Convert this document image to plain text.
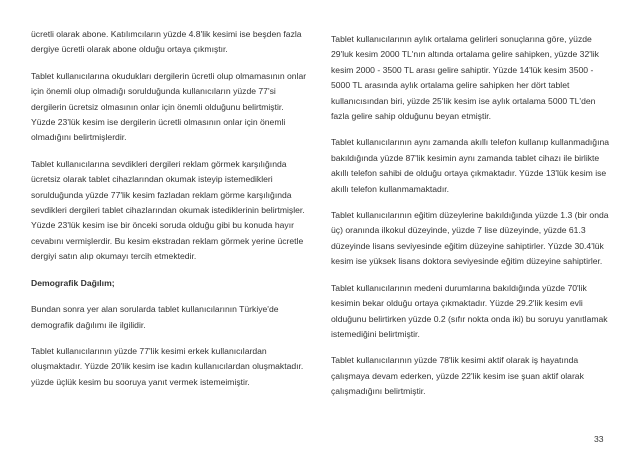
ücretli olarak abone. Katılımcıların yüzde 4.8'lik kesimi ise beşden fazla dergiye ücretli olarak abone olduğu ortaya çıkmıştır.

Tablet kullanıcılarına okudukları dergilerin ücretli olup olmamasının onlar için önemli olup olmadığı sorulduğunda kullanıcıların yüzde 77'si dergilerin ücretsiz olmasının onlar için önemli olduğunu belirtmiştir. Yüzde 23'lük kesim ise dergilerin ücretli olmasının onlar için önemli olmadığını belirtmişlerdir.

Tablet kullanıcılarına sevdikleri dergileri reklam görmek karşılığında ücretsiz olarak tablet cihazlarından okumak isteyip istemedikleri sorulduğunda yüzde 77'lik kesim fazladan reklam görme karşılığında sevdikleri dergileri tablet cihazlarından okumak istediklerinin belirtmişler. Yüzde 23'lük kesim ise bir önceki soruda olduğu gibi bu konuda hayır cevabını vermişlerdir. Bu kesim ekstradan reklam görmek yerine ücretle dergiyi satın alıp okumayı tercih etmektedir.

Demografik Dağılım;

Bundan sonra yer alan sorularda tablet kullanıcılarının Türkiye'de demografik dağılımı ile ilgilidir.

Tablet kullanıcılarının yüzde 77'lik kesimi erkek kullanıcılardan oluşmaktadır. Yüzde 20'lik kesim ise kadın kullanıcılardan oluşmaktadır. yüzde üçlük kesim bu sooruya yanıt vermek istemeimiştir.

Tablet kullanıcılarının aylık ortalama gelirleri sonuçlarına göre, yüzde 29'luk kesim 2000 TL'nın altında ortalama gelire sahipken, yüzde 32'lik kesim 2000 - 3500 TL arası gelire sahiptir. Yüzde 14'lük kesim 3500 - 5000 TL arasında aylık ortalama gelire sahipken her dört tablet kullanıcısından biri, yüzde 25'lik kesim ise aylık ortalama 5000 TL'den fazla gelire sahip olduğunu beyan etmiştir.

Tablet kullanıcılarının aynı zamanda akıllı telefon kullanıp kullanmadığına bakıldığında yüzde 87'lik kesimin aynı zamanda tablet cihazı ile birlikte akıllı telefon sahibi de olduğu ortaya çıkmaktadır. Yüzde 13'lük kesim ise akıllı telefon kullanmamaktadır.

Tablet kullanıcılarının eğitim düzeylerine bakıldığında yüzde 1.3 (bir onda üç) oranında ilkokul düzeyinde, yüzde 7 lise düzeyinde, yüzde 61.3 düzeyinde lisans seviyesinde eğitim düzeyine sahiptirler. Yüzde 30.4'lük kesim ise yüksek lisans doktora seviyesinde eğitim düzeyine sahiptirler.

Tablet kullanıcılarının medeni durumlarına bakıldığında yüzde 70'lik kesimin bekar olduğu ortaya çıkmaktadır. Yüzde 29.2'lik kesim evli olduğunu belirtirken yüzde 0.2 (sıfır nokta onda iki) bu soruyu yanıtlamak istemediğini belirtmiştir.

Tablet kullanıcılarının yüzde 78'lik kesimi aktif olarak iş hayatında çalışmaya devam ederken, yüzde 22'lik kesim ise şuan aktif olarak çalışmadığını belirtmiştir.

33
